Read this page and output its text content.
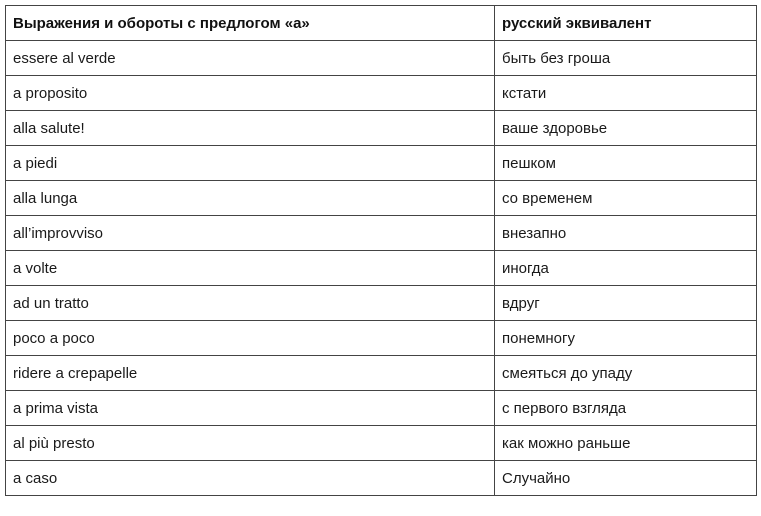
Выражения и обороты с предлогом «а»	русский эквивалент
essere al verde	быть без гроша
a proposito	кстати
alla salute!	ваше здоровье
a piedi	пешком
alla lunga	со временем
all’improvviso	внезапно
a volte	иногда
ad un tratto	вдруг
poco a poco	понемногу
ridere a crepapelle	смеяться до упаду
a prima vista	с первого взгляда
al più presto	как можно раньше
a caso	Случайно
